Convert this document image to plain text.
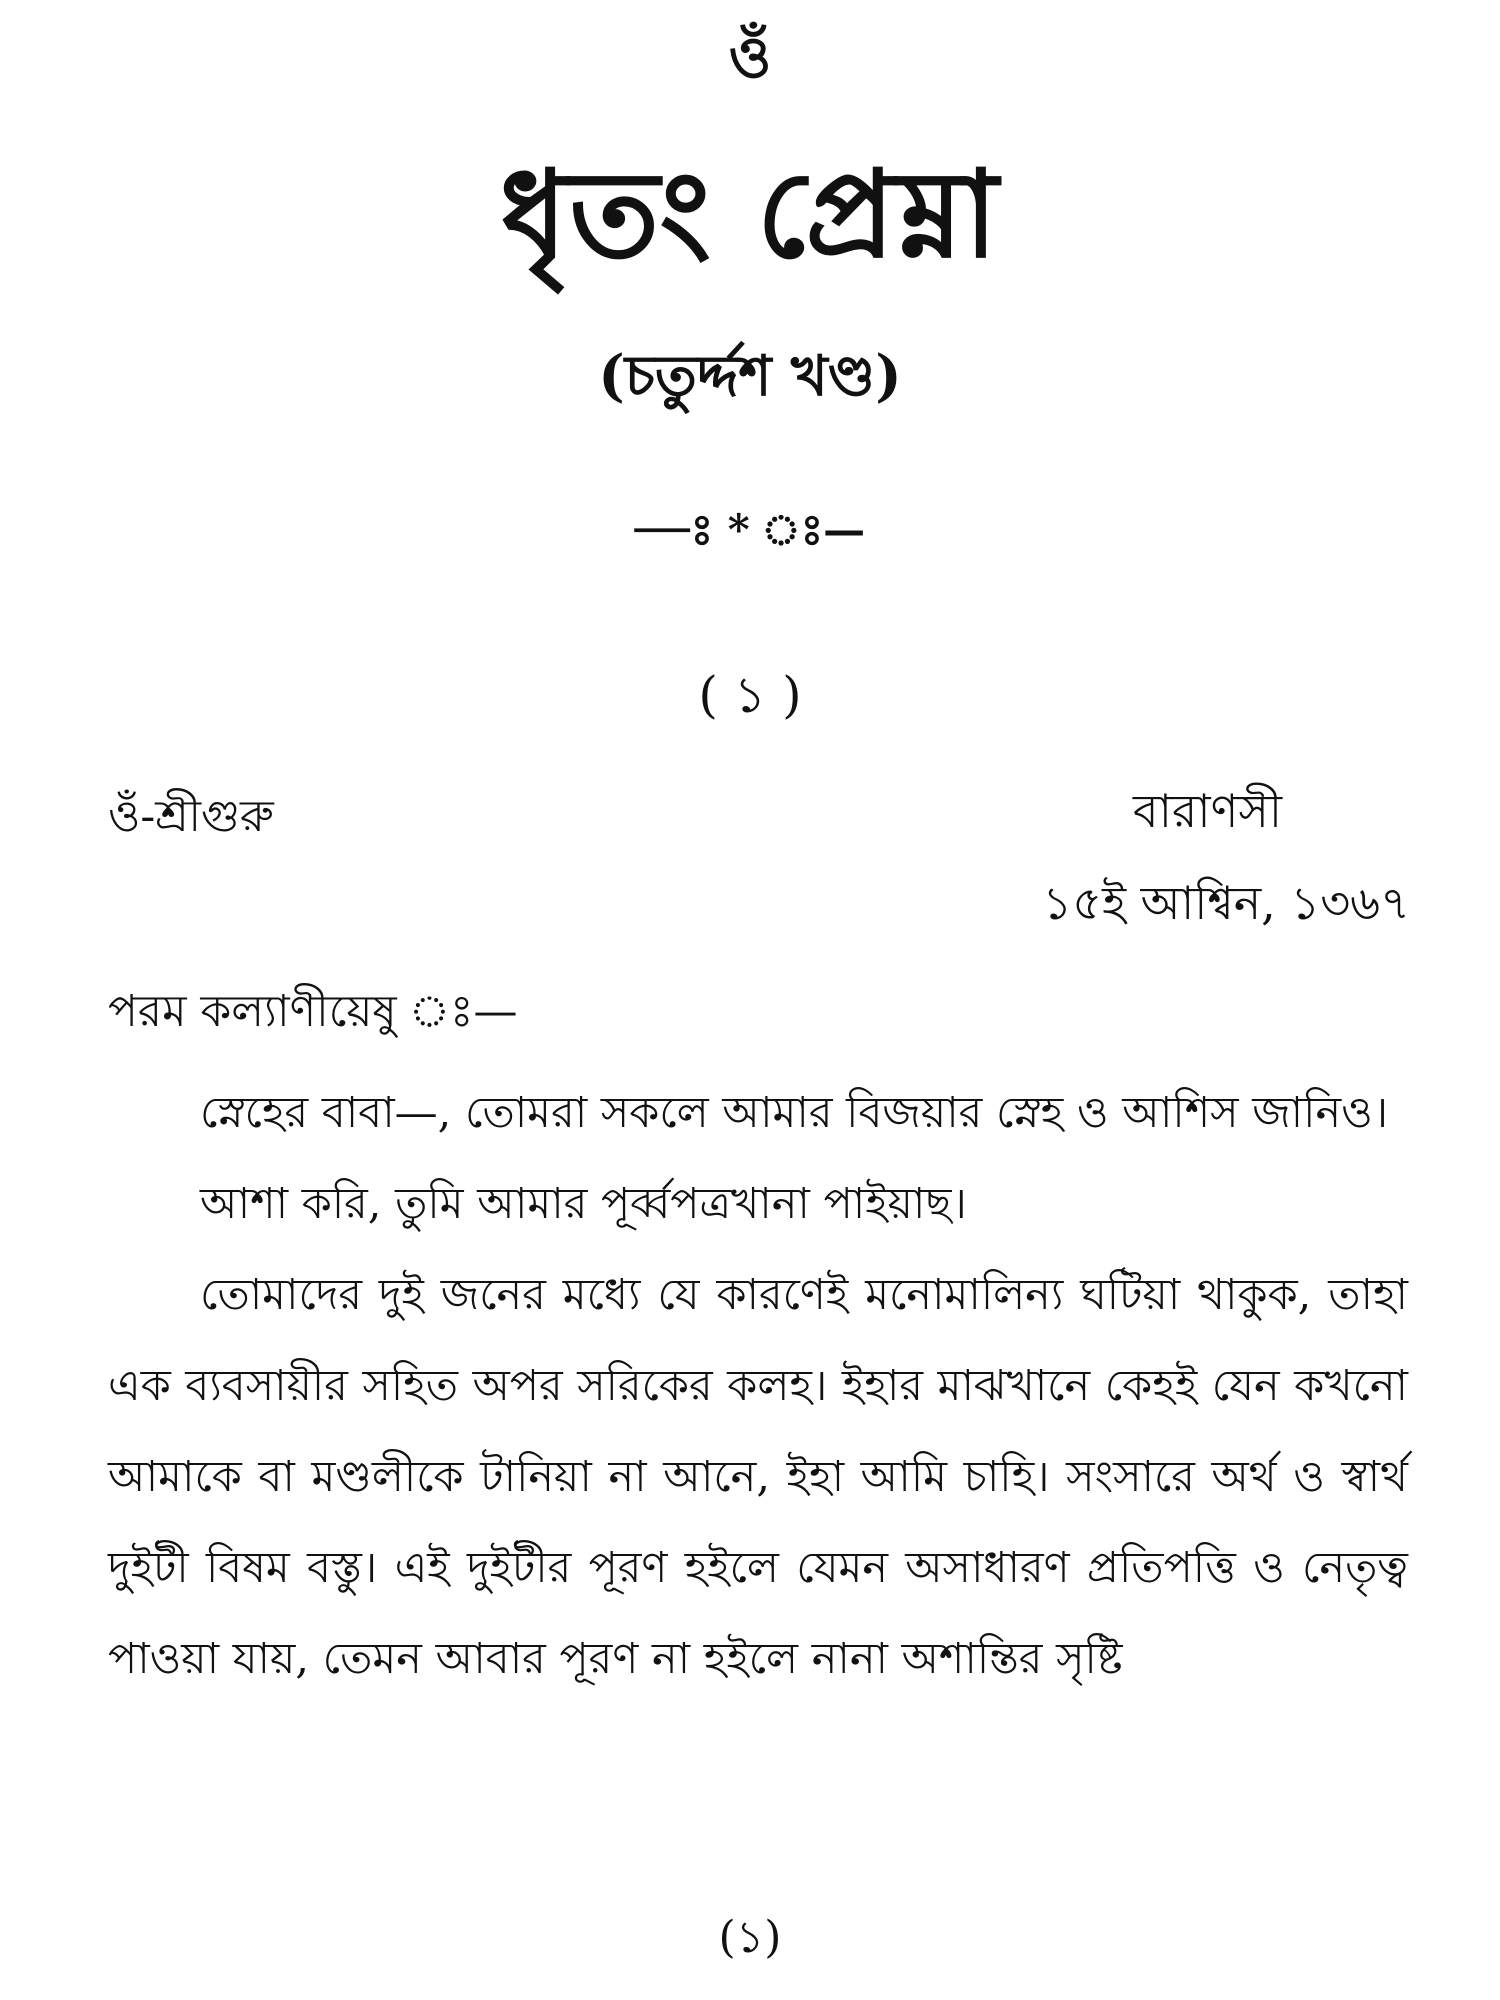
ওঁ
ধৃতং প্রেম্না
(চতুর্দ্দশ খণ্ড)
—ঃ * ঃ—
( ১ )
ওঁ-শ্রীগুরু	বারাণসী
১৫ই আশ্বিন, ১৩৬৭
পরম কল্যাণীয়েষু ঃ—

স্নেহের বাবা—, তোমরা সকলে আমার বিজয়ার স্নেহ ও আশিস জানিও।

আশা করি, তুমি আমার পূর্ব্বপত্রখানা পাইয়াছ।

তোমাদের দুই জনের মধ্যে যে কারণেই মনোমালিন্য ঘটিয়া থাকুক, তাহা এক ব্যবসায়ীর সহিত অপর সরিকের কলহ। ইহার মাঝখানে কেহই যেন কখনো আমাকে বা মণ্ডলীকে টানিয়া না আনে, ইহা আমি চাহি। সংসারে অর্থ ও স্বার্থ দুইটী বিষম বস্তু। এই দুইটীর পূরণ হইলে যেমন অসাধারণ প্রতিপত্তি ও নেতৃত্ব পাওয়া যায়, তেমন আবার পূরণ না হইলে নানা অশান্তির সৃষ্টি

(১)
